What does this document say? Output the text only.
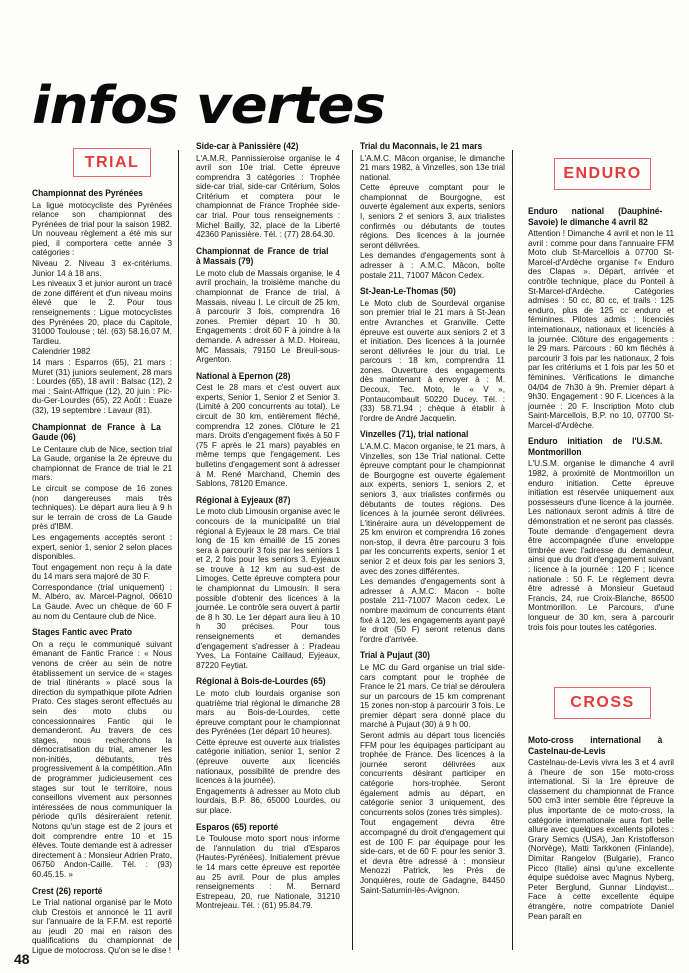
infos vertes
TRIAL
ENDURO
CROSS
Championnat des Pyrénées

La ligue motocycliste des Pyrénées relance son championnat des Pyrénées de trial pour la saison 1982. Un nouveau règlement a été mis sur pied, il comportera cette année 3 catégories :

Niveau 2. Niveau 3 ex-critériums. Junior 14 à 18 ans.

Les niveaux 3 et junior auront un tracé de zone différent et d'un niveau moins élevé que le 2. Pour tous renseignements : Ligue motocyclistes des Pyrénées 20, place du Capitole, 31000 Toulouse ; tél. (63) 58.16.07 M. Tardieu.

Calendrier 1982

14 mars : Esparros (65), 21 mars : Muret (31) juniors seulement, 28 mars : Lourdes (65), 18 avril : Balsac (12), 2 mai : Saint-Affrique (12), 20 juin : Pic-du-Ger-Lourdes (65), 22 Août : Euaze (32), 19 septembre : Lavaur (81).

Championnat de France à La Gaude (06)

Le Centaure club de Nice, section trial La Gaude, organise la 2e épreuve du championnat de France de trial le 21 mars.

Le circuit se compose de 16 zones (non dangereuses mais très techniques). Le départ aura lieu à 9 h sur le terrain de cross de La Gaude près d'IBM.

Les engagements acceptés seront : expert, senior 1, senior 2 selon places disponibles.

Tout engagement non reçu à la date du 14 mars sera majoré de 30 F.

Correspondance (trial uniquement) : M. Albéro, av. Marcel-Pagnol, 06610 La Gaude. Avec un chèque de 60 F au nom du Centaure club de Nice.

Stages Fantic avec Prato

On a reçu le communiqué suivant émanant de Fantic France : « Nous venons de créer au sein de notre établissement un service de « stages de trial itinérants » placé sous la direction du sympathique pilote Adrien Prato. Ces stages seront effectués au sein des moto clubs ou concessionnaires Fantic qui le demanderont. Au travers de ces stages, nous recherchons la démocratisation du trial, amener les non-initiés, débutants, très progressivement à la compétition. Afin de programmer judicieusement ces stages sur tout le territoire, nous conseillons vivement aux personnes intéressées de nous communiquer la période qu'ils désireraient retenir. Notons qu'un stage est de 2 jours et doit comprendre entre 10 et 15 élèves. Toute demande est à adresser directement à : Monsieur Adrien Prato, 06750 Andon-Caille. Tél. : (93) 60.45.15. »

Crest (26) reporté

Le Trial national organisé par le Moto club Crestois et annoncé le 11 avril sur l'annuaire de la F.F.M. est reporté au jeudi 20 mai en raison des qualifications du championnat de Ligue de motocross. Qu'on se le dise !

Side-car à Panissière (42)

L'A.M.R. Pannissieroise organise le 4 avril son 10e trial. Cette épreuve comprendra 3 catégories : Trophée side-car trial, side-car Critérium, Solos Critérium et comptera pour le championnat de France Trophée side-car trial. Pour tous renseignements : Michel Bailly, 32, place de la Liberté 42360 Panissière. Tél. : (77) 28.64.30.

Championnat de France de trial à Massais (79)

Le moto club de Massais organise, le 4 avril prochain, la troisième manche du championnat de France de trial, à Massais, niveau I. Le circuit de 25 km, à parcourir 3 fois, comprendra 16 zones. Premier départ 10 h 30. Engagements : droit 60 F à joindre à la demande. A adresser à M.D. Hoireau, MC Massais, 79150 Le Breuil-sous-Argenton.

National à Epernon (28)

Cest le 28 mars et c'est ouvert aux experts, Senior 1, Senior 2 et Senior 3. (Limité à 200 concurrents au total). Le circuit de 30 km, entièrement fléché, comprendra 12 zones. Clôture le 21 mars. Droits d'engagement fixés à 50 F (75 F après le 21 mars) payables en même temps que l'engagement. Les bulletins d'engagement sont à adresser à M. René Marchand, Chemin des Sablons, 78120 Emance.

Régional à Eyjeaux (87)

Le moto club Limousin organise avec le concours de la municipalité un trial régional à Eyjeaux le 28 mars. Ce trial long de 15 km émaillé de 15 zones sera à parcourir 3 fois par les seniors 1 et 2, 2 fois pour les seniors 3. Eyjeaux se trouve à 12 km au sud-est de Limoges. Cette épreuve comptera pour le championnat du Limousin. Il sera possible d'obtenir des licences à la journée. Le contrôle sera ouvert à partir de 8 h 30. Le 1er départ aura lieu à 10 h 30 précises. Pour tous renseignements et demandes d'engagement s'adresser à : Pradeau Yves, La Fontaine Caillaud, Eyjeaux, 87220 Feytiat.

Régional à Bois-de-Lourdes (65)

Le moto club lourdais organise son quatrième trial régional le dimanche 28 mars au Bois-de-Lourdes, cette épreuve comptant pour le championnat des Pyrénées (1er départ 10 heures).

Cette épreuve est ouverte aux trialistes catégorie initiation, senior 1, senior 2 (épreuve ouverte aux licenciés nationaux, possibilité de prendre des licences à la journée).

Engagements à adresser au Moto club lourdais, B.P. 86, 65000 Lourdes, ou sur place.

Esparos (65) reporté

Le Toulouse moto sport nous informe de l'annulation du trial d'Esparos (Hautes-Pyrénées). Initialement prévue le 14 mars cette épreuve est reportée au 25 avril. Pour de plus amples renseignements : M. Bernard Estrepeau, 20, rue Nationale, 31210 Montrejeau. Tél. : (61) 95.84.79.

Trial du Maconnais, le 21 mars

L'A.M.C. Mâcon organise, le dimanche 21 mars 1982, à Vinzelles, son 13e trial national.

Cette épreuve comptant pour le championnat de Bourgogne, est ouverte également aux experts, seniors I, seniors 2 et seniors 3, aux trialistes confirmés ou débutants de toutes régions. Des licences à la journée seront délivrées.

Les demandes d'engagements sont à adresser à : A.M.C. Mâcon, boîte postale 211, 71007 Mâcon Cedex.

St-Jean-Le-Thomas (50)

Le Moto club de Sourdeval organise son premier trial le 21 mars à St-Jean entre Avranches et Granville. Cette épreuve est ouverte aux seniors 2 et 3 et initiation. Des licences à la journée seront délivrées le jour du trial. Le parcours : 18 km, comprendra 11 zones. Ouverture des engagements dès maintenant à envoyer à : M. Decoux, Tec. Moto, le « V », Pontaucombault 50220 Ducey. Tél. : (33) 58.71.94 ; chèque à établir à l'ordre de André Jacquelin.

Vinzelles (71), trial national

L'A.M.C. Macon organise, le 21 mars, à Vinzelles, son 13e Trial national. Cette épreuve comptant pour le championnat de Bourgogne est ouverte également aux experts, seniors 1, seniors 2, et seniors 3, aux trialistes confirmés ou débutants de toutes régions. Des licences à la journée seront délivrées. L'itinéraire aura un développement de 25 km environ et comprendra 16 zones non-stop, il devra être parcouru 3 fois par les concurrents experts, senior 1 et senior 2 et deux fois par les seniors 3, avec des zones différentes.

Les demandes d'engagements sont à adresser à A.M.C. Macon - boîte postale 211-71007 Macon cedex. Le nombre maximum de concurrents étant fixé à 120, les engagements ayant payé le droit (50 F) seront retenus dans l'ordre d'arrivée.

Trial à Pujaut (30)

Le MC du Gard organise un trial side-cars comptant pour le trophée de France le 21 mars. Ce trial se déroulera sur un parcours de 15 km comprenant 15 zones non-stop à parcourir 3 fois. Le premier départ sera donné place du marché à Pujaut (30) à 9 h 00.

Seront admis au départ tous licenciés FFM pour les équipages participant au trophée de France. Des licences à la journée seront délivrées aux concurrents désirant participer en catégorie hors-trophée. Seront également admis au départ, en catégorie senior 3 uniquement, des concurrents solos (zones très simples).

Tout engagement devra être accompagné du droit d'engagement qui est de 100 F. par équipage pour les side-cars, et de 60 F. pour les senior 3. et devra être adressé à : monsieur Menozzi Patrick, les Prés de Jonquières, route de Gadagne, 84450 Saint-Saturnin-lès-Avignon.

Enduro national (Dauphiné-Savoie) le dimanche 4 avril 82

Attention ! Dimanche 4 avril et non le 11 avril : comme pour dans l'annuaire FFM Moto club St-Marcellois à 07700 St-Marcel-d'Ardèche organise l'« Enduro des Clapas ». Départ, arrivée et contrôle technique, place du Ponteil à St-Marcel-d'Ardèche. Catégories admises : 50 cc, 80 cc, et trails : 125 enduro, plus de 125 cc enduro et féminines. Pilotes admis : licenciés internationaux, nationaux et licenciés à la journée. Clôture des engagements : le 29 mars. Parcours : 60 km fléchés à parcourir 3 fois par les nationaux, 2 fois par les critériums et 1 fois par les 50 et féminines. Vérifications le dimanche 04/04 de 7h30 à 9h. Premier départ à 9h30. Engagement : 90 F. Licences à la journée : 20 F. Inscription Moto club Saint-Marcellois, B.P. no 10, 07700 St-Marcel-d'Ardèche.

Enduro initiation de l'U.S.M. Montmorillon

L'U.S.M. organise le dimanche 4 avril 1982, à proximité de Montmorillon un enduro initiation. Cette épreuve initiation est réservée uniquement aux possesseurs d'une licence à la journée. Les nationaux seront admis à titre de démonstration et ne seront pas classés. Toute demande d'engagement devra être accompagnée d'une enveloppe timbrée avec l'adresse du demandeur, ainsi que du droit d'engagement suivant : licence à la journée : 120 F ; licence nationale : 50 F. Le règlement devra être adressé à Monsieur Guetaud Francis, 24, rue Croix-Blanche, 86500 Montmorillon. Le Parcours, d'une longueur de 30 km, sera à parcourir trois fois pour toutes les catégories.

Moto-cross international à Castelnau-de-Levis

Castelnau-de-Levis vivra les 3 et 4 avril à l'heure de son 15e moto-cross international. Si la 1re épreuve de classement du championnat de France 500 cm3 inter semble être l'épreuve la plus importante de ce moto-cross, la catégorie internationale aura fort belle allure avec quelques excellents pilotes : Grary Semics (USA), Jan Kristofferson (Norvège), Matti Tarkkonen (Finlande), Dimitar Rangelov (Bulgarie), Franco Picco (Italie) ainsi qu'une excellente équipe suédoise avec Magnus Nyberg, Peter Berglund, Gunnar Lindqvist... Face à cette excellente équipe étrangère, notre compatriote Daniel Pean paraît en

48
